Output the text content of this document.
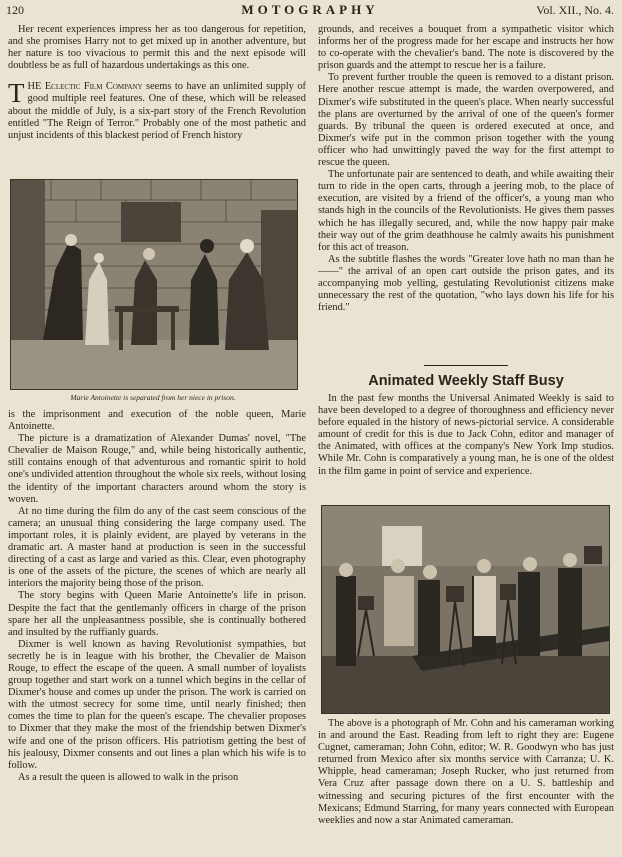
120	MOTOGRAPHY	Vol. XII., No. 4.

Her recent experiences impress her as too dangerous for repetition, and she promises Harry not to get mixed up in another adventure, but her nature is too vivacious to permit this and the next episode will doubtless be as full of hazardous undertakings as this one.

THE Eclectic Film Company seems to have an unlimited supply of good multiple reel features. One of these, which will be released about the middle of July, is a six-part story of the French Revolution entitled "The Reign of Terror." Probably one of the most pathetic and unjust incidents of this blackest period of French history

Marie Antoinette is separated from her niece in prison.

is the imprisonment and execution of the noble queen, Marie Antoinette.

The picture is a dramatization of Alexander Dumas' novel, "The Chevalier de Maison Rouge," and, while being historically authentic, still contains enough of that adventurous and romantic spirit to hold one's undivided attention throughout the whole six reels, without losing the identity of the important characters around whom the story is woven.

At no time during the film do any of the cast seem conscious of the camera; an unusual thing considering the large company used. The important roles, it is plainly evident, are played by veterans in the dramatic art. A master hand at production is seen in the successful directing of a cast as large and varied as this. Clear, even photography is one of the assets of the picture, the scenes of which are nearly all interiors the majority being those of the prison.

The story begins with Queen Marie Antoinette's life in prison. Despite the fact that the gentlemanly officers in charge of the prison spare her all the unpleasantness possible, she is continually bothered and insulted by the ruffianly guards.

Dixmer is well known as having Revolutionist sympathies, but secretly he is in league with his brother, the Chevalier de Maison Rouge, to effect the escape of the queen. A small number of loyalists group together and start work on a tunnel which begins in the cellar of Dixmer's house and comes up under the prison. The work is carried on with the utmost secrecy for some time, until nearly finished; then comes the time to plan for the queen's escape. The chevalier proposes to Dixmer that they make the most of the friendship betwen Dixmer's wife and one of the prison officers. His patriotism getting the best of his jealousy, Dixmer consents and out lines a plan which his wife is to follow.

As a result the queen is allowed to walk in the prison

grounds, and receives a bouquet from a sympathetic visitor which informs her of the progress made for her escape and instructs her how to co-operate with the chevalier's band. The note is discovered by the prison guards and the attempt to rescue her is a failure.

To prevent further trouble the queen is removed to a distant prison. Here another rescue attempt is made, the warden overpowered, and Dixmer's wife substituted in the queen's place. When nearly successful the plans are overturned by the arrival of one of the queen's former guards. By tribunal the queen is ordered executed at once, and Dixmer's wife put in the common prison together with the young officer who had unwittingly paved the way for the first attempt to rescue the queen.

The unfortunate pair are sentenced to death, and while awaiting their turn to ride in the open carts, through a jeering mob, to the place of execution, are visited by a friend of the officer's, a young man who stands high in the councils of the Revolutionists. He gives them passes which he has illegally secured, and, while the now happy pair make their way out of the grim deathhouse he calmly awaits his punishment for this act of treason.

As the subtitle flashes the words "Greater love hath no man than he——" the arrival of an open cart outside the prison gates, and its accompanying mob yelling, gestulating Revolutionist citizens make unnecessary the rest of the quotation, "who lays down his life for his friend."

Animated Weekly Staff Busy

In the past few months the Universal Animated Weekly is said to have been developed to a degree of thoroughness and efficiency never before equaled in the history of news-pictorial service. A considerable amount of credit for this is due to Jack Cohn, editor and manager of the Animated, with offices at the company's New York Imp studios. While Mr. Cohn is comparatively a young man, he is one of the oldest in the film game in point of service and experience.

The above is a photograph of Mr. Cohn and his cameraman working in and around the East. Reading from left to right they are: Eugene Cugnet, cameraman; John Cohn, editor; W. R. Goodwyn who has just returned from Mexico after six months service with Carranza; U. K. Whipple, head cameraman; Joseph Rucker, who just returned from Vera Cruz after passage down there on a U. S. battleship and witnessing and securing pictures of the first encounter with the Mexicans; Edmund Starring, for many years connected with European weeklies and now a star Animated cameraman.
